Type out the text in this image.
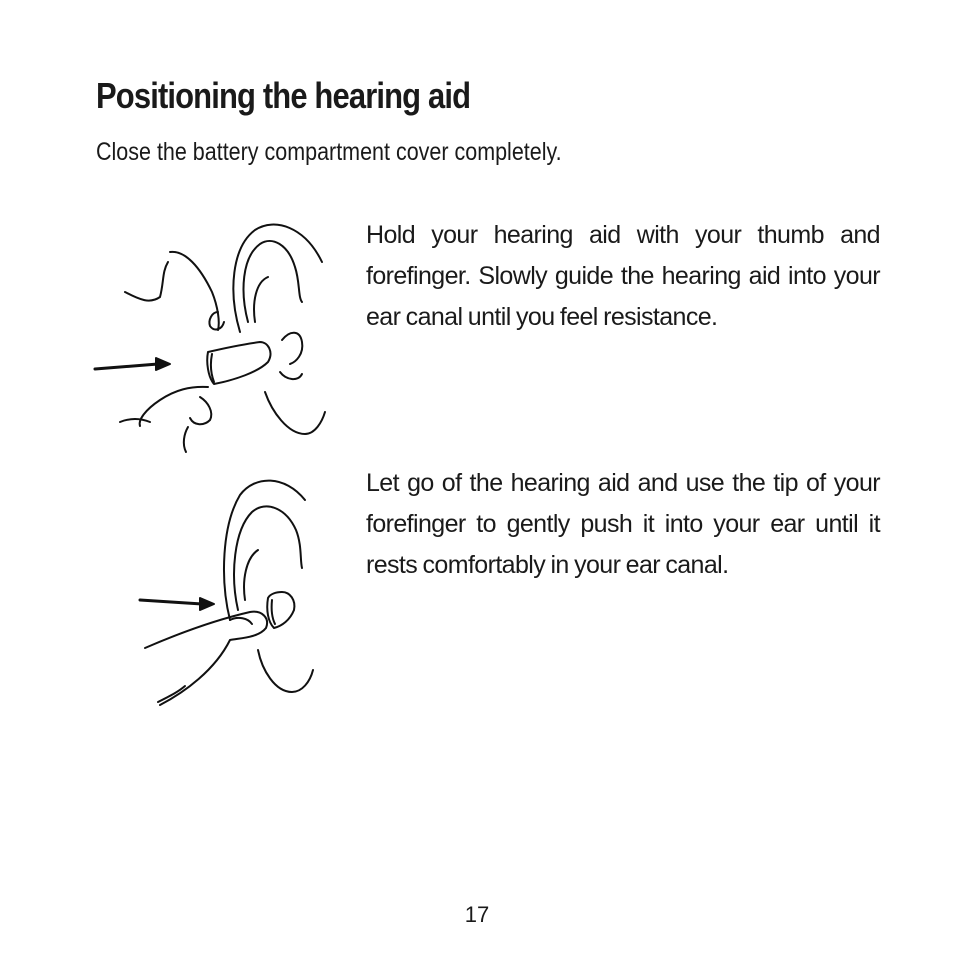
Positioning the hearing aid

Close the battery compartment cover completely.

Hold your hearing aid with your thumb and forefinger. Slowly guide the hearing aid into your ear canal until you feel resistance.

Let go of the hearing aid and use the tip of your forefinger to gently push it into your ear until it rests comfortably in your ear canal.

17
